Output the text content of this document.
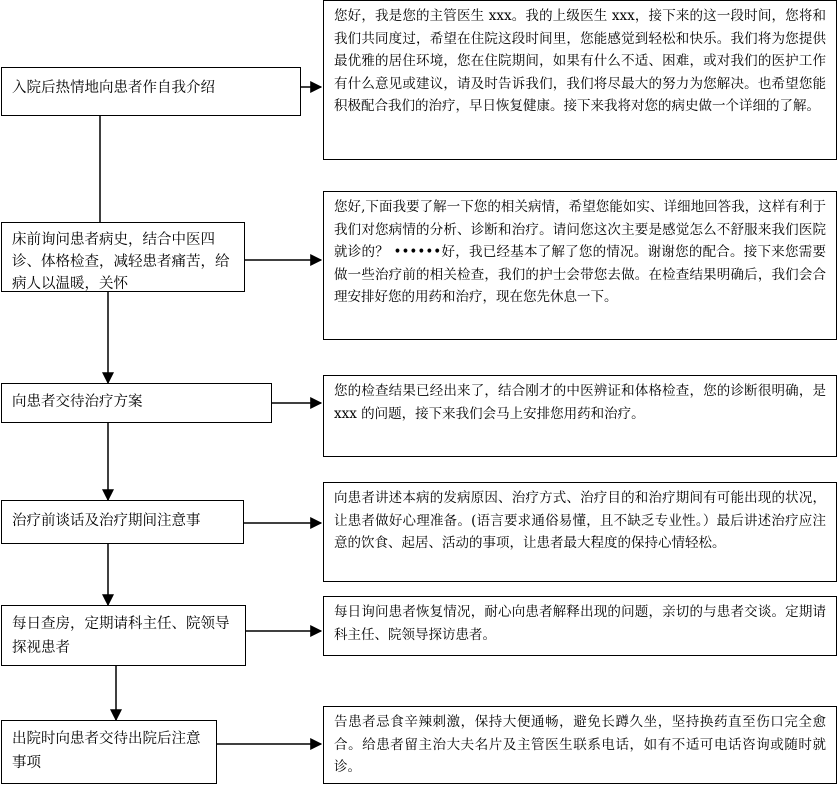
入院后热情地向患者作自我介绍
床前询问患者病史，结合中医四诊、体格检查，减轻患者痛苦，给病人以温暖，关怀
向患者交待治疗方案
治疗前谈话及治疗期间注意事
每日查房，定期请科主任、院领导探视患者
出院时向患者交待出院后注意事项
您好，我是您的主管医生 xxx。我的上级医生 xxx，接下来的这一段时间，您将和我们共同度过，希望在住院这段时间里，您能感觉到轻松和快乐。我们将为您提供最优雅的居住环境，您在住院期间，如果有什么不适、困难，或对我们的医护工作有什么意见或建议，请及时告诉我们，我们将尽最大的努力为您解决。也希望您能积极配合我们的治疗，早日恢复健康。接下来我将对您的病史做一个详细的了解。
您好,下面我要了解一下您的相关病情，希望您能如实、详细地回答我，这样有利于我们对您病情的分析、诊断和治疗。请问您这次主要是感觉怎么不舒服来我们医院就诊的？ ••••••好，我已经基本了解了您的情况。谢谢您的配合。接下来您需要做一些治疗前的相关检查，我们的护士会带您去做。在检查结果明确后，我们会合理安排好您的用药和治疗，现在您先休息一下。
您的检查结果已经出来了，结合刚才的中医辨证和体格检查，您的诊断很明确，是 xxx 的问题，接下来我们会马上安排您用药和治疗。
向患者讲述本病的发病原因、治疗方式、治疗目的和治疗期间有可能出现的状况，让患者做好心理准备。(语言要求通俗易懂，且不缺乏专业性。）最后讲述治疗应注意的饮食、起居、活动的事项，让患者最大程度的保持心情轻松。
每日询问患者恢复情况，耐心向患者解释出现的问题，亲切的与患者交谈。定期请科主任、院领导探访患者。
告患者忌食辛辣刺激，保持大便通畅，避免长蹲久坐，坚持换药直至伤口完全愈合。给患者留主治大夫名片及主管医生联系电话，如有不适可电话咨询或随时就诊。
